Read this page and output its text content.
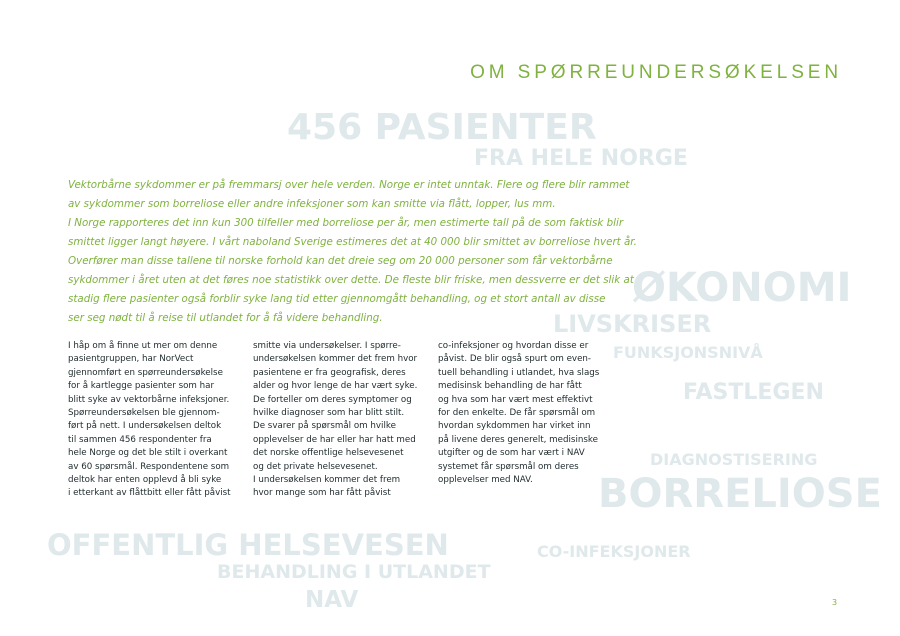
456 PASIENTER
FRA HELE NORGE
ØKONOMI
LIVSKRISER
FUNKSJONSNIVÅ
FASTLEGEN
DIAGNOSTISERING
BORRELIOSE
OFFENTLIG HELSEVESEN	CO-INFEKSJONER
BEHANDLING I UTLANDET
NAV
OM SPØRREUNDERSØKELSEN

Vektorbårne sykdommer er på fremmarsj over hele verden. Norge er intet unntak. Flere og flere blir rammet

av sykdommer som borreliose eller andre infeksjoner som kan smitte via flått, lopper, lus mm.

I Norge rapporteres det inn kun 300 tilfeller med borreliose per år, men estimerte tall på de som faktisk blir

smittet ligger langt høyere. I vårt naboland Sverige estimeres det at 40 000 blir smittet av borreliose hvert år.

Overfører man disse tallene til norske forhold kan det dreie seg om 20 000 personer som får vektorbårne

sykdommer i året uten at det føres noe statistikk over dette. De fleste blir friske, men dessverre er det slik at

stadig flere pasienter også forblir syke lang tid etter gjennomgått behandling, og et stort antall av disse

ser seg nødt til å reise til utlandet for å få videre behandling.

I håp om å finne ut mer om denne

pasientgruppen, har NorVect

gjennomført en spørreundersøkelse

for å kartlegge pasienter som har

blitt syke av vektorbårne infeksjoner.

Spørreundersøkelsen ble gjennom-

ført på nett. I undersøkelsen deltok

til sammen 456 respondenter fra

hele Norge og det ble stilt i overkant

av 60 spørsmål. Respondentene som

deltok har enten opplevd å bli syke

i etterkant av flåttbitt eller fått påvist

smitte via undersøkelser. I spørre-

undersøkelsen kommer det frem hvor

pasientene er fra geografisk, deres

alder og hvor lenge de har vært syke.

De forteller om deres symptomer og

hvilke diagnoser som har blitt stilt.

De svarer på spørsmål om hvilke

opplevelser de har eller har hatt med

det norske offentlige helsevesenet

og det private helsevesenet.

I undersøkelsen kommer det frem

hvor mange som har fått påvist

co-infeksjoner og hvordan disse er

påvist. De blir også spurt om even-

tuell behandling i utlandet, hva slags

medisinsk behandling de har fått

og hva som har vært mest effektivt

for den enkelte. De får spørsmål om

hvordan sykdommen har virket inn

på livene deres generelt, medisinske

utgifter og de som har vært i NAV

systemet får spørsmål om deres

opplevelser med NAV.

3
